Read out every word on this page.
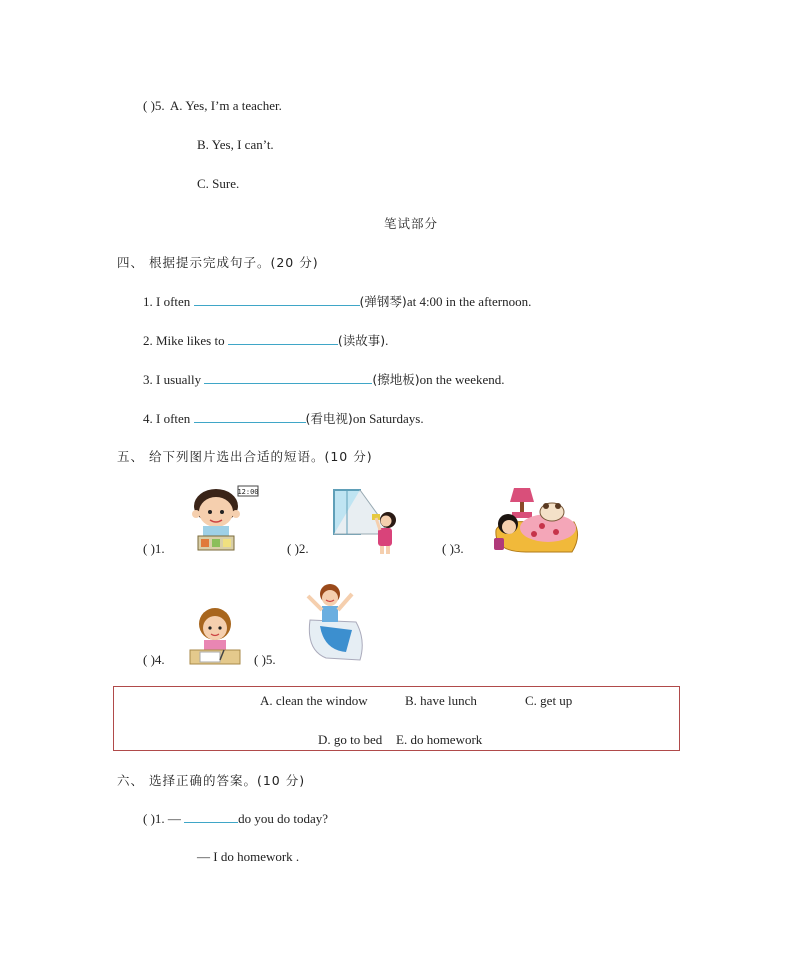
( )5. A. Yes, I’m a teacher.
B. Yes, I can’t.
C. Sure.
笔试部分
四、 根据提示完成句子。(20 分)
1. I often	(弹钢琴)at 4:00 in the afternoon.
2. Mike likes to	(读故事).
3. I usually	(擦地板)on the weekend.
4. I often	(看电视)on Saturdays.
五、 给下列图片选出合适的短语。(10 分)
( )1.	( )2.	( )3.
( )4.	( )5.
12:00
A. clean the window	B. have lunch	C. get up
D. go to bed E. do homework
六、 选择正确的答案。(10 分)
( )1. —	do you do today?
— I do homework .
